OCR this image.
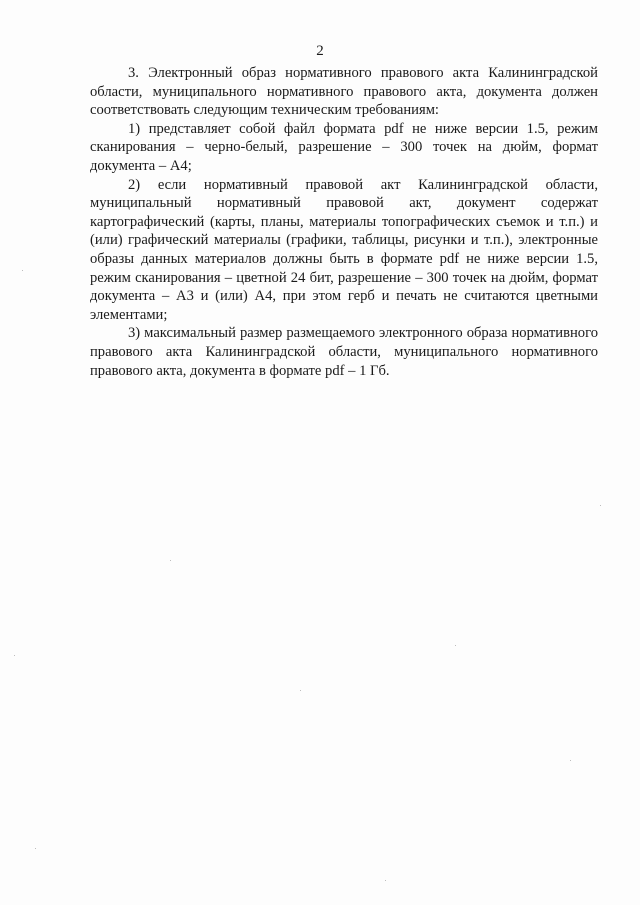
2

3. Электронный образ нормативного правового акта Калининградской области, муниципального нормативного правового акта, документа должен соответствовать следующим техническим требованиям:

1) представляет собой файл формата pdf не ниже версии 1.5, режим сканирования – черно-белый, разрешение – 300 точек на дюйм, формат документа – А4;

2) если нормативный правовой акт Калининградской области, муниципальный нормативный правовой акт, документ содержат картографический (карты, планы, материалы топографических съемок и т.п.) и (или) графический материалы (графики, таблицы, рисунки и т.п.), электронные образы данных материалов должны быть в формате pdf не ниже версии 1.5, режим сканирования – цветной 24 бит, разрешение – 300 точек на дюйм, формат документа – А3 и (или) А4, при этом герб и печать не считаются цветными элементами;

3) максимальный размер размещаемого электронного образа нормативного правового акта Калининградской области, муниципального нормативного правового акта, документа в формате pdf – 1 Гб.
